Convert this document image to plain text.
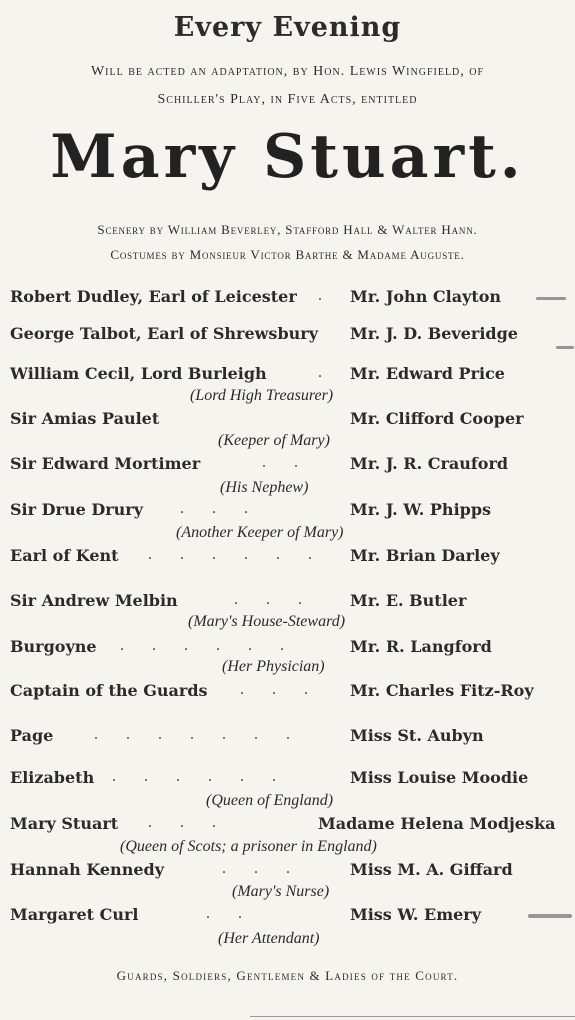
Every Evening
Will be acted an adaptation, by Hon. Lewis Wingfield, of
Schiller's Play, in Five Acts, entitled
Mary Stuart.
Scenery by William Beverley, Stafford Hall & Walter Hann.
Costumes by Monsieur Victor Barthe & Madame Auguste.
Robert Dudley, Earl of Leicester . Mr. John Clayton
George Talbot, Earl of Shrewsbury Mr. J. D. Beveridge
William Cecil, Lord Burleigh	. Mr. Edward Price
(Lord High Treasurer)
Sir Amias Paulet	Mr. Clifford Cooper
(Keeper of Mary)
Sir Edward Mortimer	.. Mr. J. R. Crauford
(His Nephew)
Sir Drue Drury ...	Mr. J. W. Phipps
(Another Keeper of Mary)
Earl of Kent ...... Mr. Brian Darley
Sir Andrew Melbin	... Mr. E. Butler
(Mary's House-Steward)
Burgoyne ...... Mr. R. Langford
(Her Physician)
Captain of the Guards ... Mr. Charles Fitz-Roy
Page	....... Miss St. Aubyn
Elizabeth ......	Miss Louise Moodie
(Queen of England)
Mary Stuart ...	Madame Helena Modjeska
(Queen of Scots; a prisoner in England)
Hannah Kennedy	... Miss M. A. Giffard
(Mary's Nurse)
Margaret Curl	..	Miss W. Emery
(Her Attendant)
Guards, Soldiers, Gentlemen & Ladies of the Court.
